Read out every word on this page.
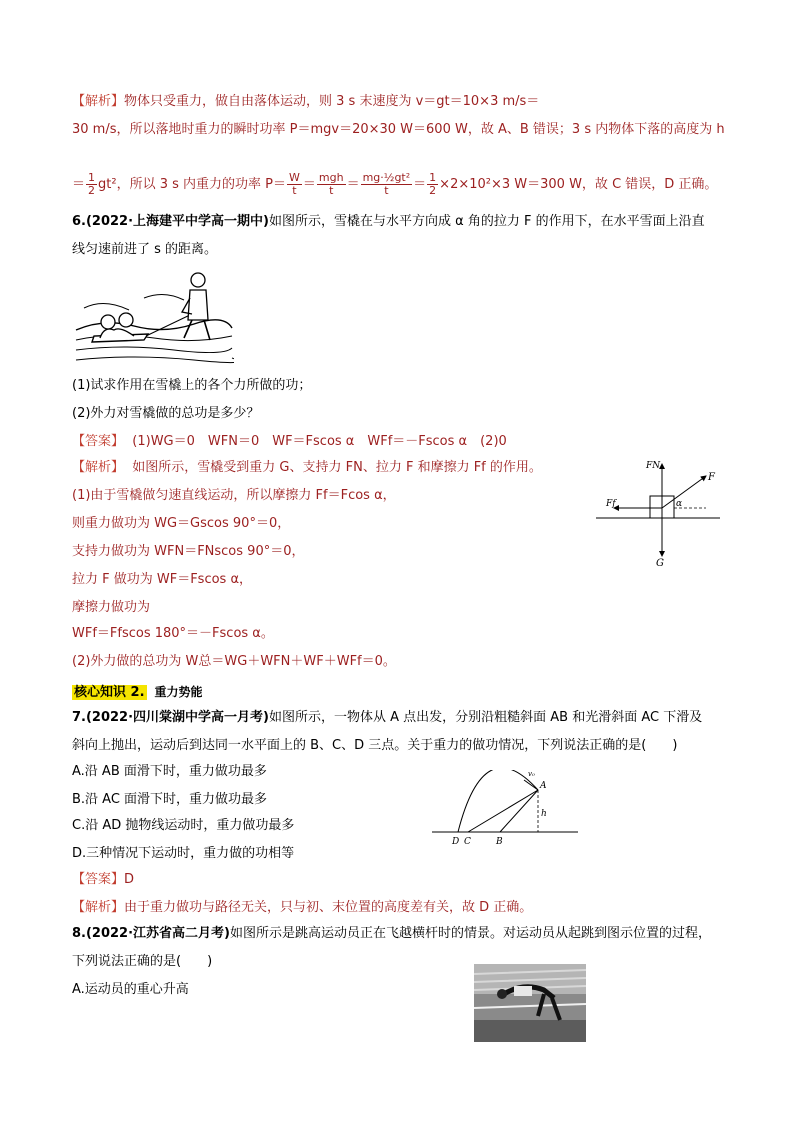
【解析】物体只受重力，做自由落体运动，则 3 s 末速度为 v＝gt＝10×3 m/s＝
30 m/s，所以落地时重力的瞬时功率 P＝mgv＝20×30 W＝600 W，故 A、B 错误；3 s 内物体下落的高度为 h
＝ $\frac{1}{2} gt^2$，所以 3 s 内重力的功率 $P= \frac{W}{t} = \frac{\text{mgh}}{t} = \frac{\text{mg·½gt²}}{t} = \frac{1}{2} \times 2\times 10^2\times 3$ W＝300 W，故 C 错误，D 正确。
6.(2022·上海建平中学高一期中)如图所示，雪橇在与水平方向成 α 角的拉力 F 的作用下，在水平雪面上沿直
线匀速前进了 s 的距离。
(1)试求作用在雪橇上的各个力所做的功；
(2)外力对雪橇做的总功是多少？
【答案】 (1)WG＝0　WFN＝0　WF＝Fscos α　WFf＝－Fscos α　(2)0
【解析】 如图所示，雪橇受到重力 G、支持力 FN、拉力 F 和摩擦力 Ff 的作用。
(1)由于雪橇做匀速直线运动，所以摩擦力 Ff＝Fcos α，
则重力做功为 WG＝Gscos 90°＝0，
支持力做功为 WFN＝FNscos 90°＝0，
拉力 F 做功为 WF＝Fscos α，
摩擦力做功为
WFf＝Ffscos 180°＝－Fscos α。
(2)外力做的总功为 W总＝WG＋WFN＋WF＋WFf＝0。
FN
F
Ff
G
α
核心知识 2. 重力势能
7.(2022·四川棠湖中学高一月考)如图所示，一物体从 A 点出发，分别沿粗糙斜面 AB 和光滑斜面 AC 下滑及
斜向上抛出，运动后到达同一水平面上的 B、C、D 三点。关于重力的做功情况，下列说法正确的是(　　)
A.沿 AB 面滑下时，重力做功最多
B.沿 AC 面滑下时，重力做功最多
C.沿 AD 抛物线运动时，重力做功最多
D.三种情况下运动时，重力做的功相等
A
v₀
h
D C	B
【答案】D
【解析】由于重力做功与路径无关，只与初、末位置的高度差有关，故 D 正确。
8.(2022·江苏省高二月考)如图所示是跳高运动员正在飞越横杆时的情景。对运动员从起跳到图示位置的过程，
下列说法正确的是(　　)
A.运动员的重心升高
